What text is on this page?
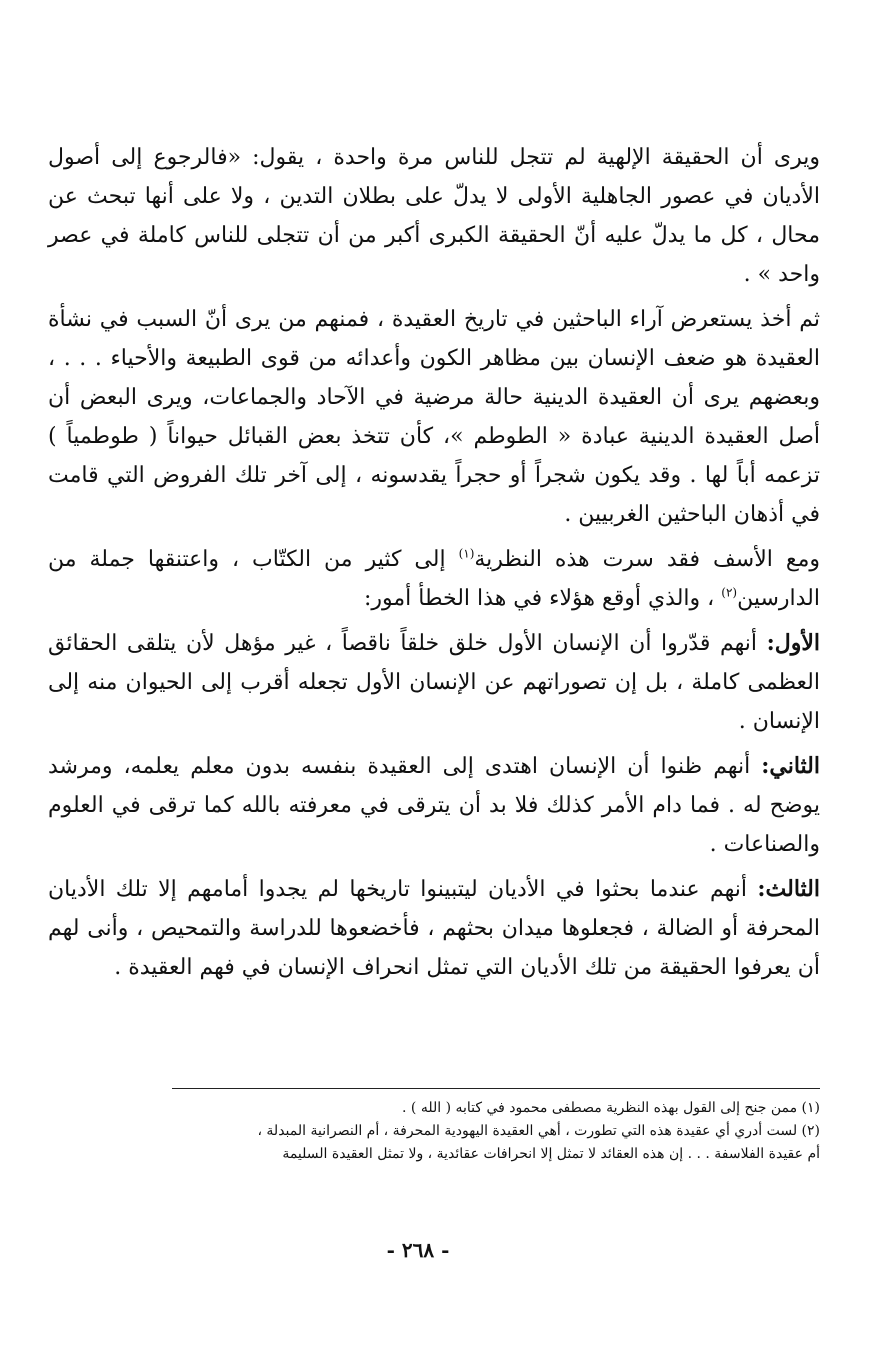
ويرى أن الحقيقة الإلهية لم تتجل للناس مرة واحدة ، يقول: «فالرجوع إلى أصول الأديان في عصور الجاهلية الأولى لا يدلّ على بطلان التدين ، ولا على أنها تبحث عن محال ، كل ما يدلّ عليه أنّ الحقيقة الكبرى أكبر من أن تتجلى للناس كاملة في عصر واحد » .

ثم أخذ يستعرض آراء الباحثين في تاريخ العقيدة ، فمنهم من يرى أنّ السبب في نشأة العقيدة هو ضعف الإنسان بين مظاهر الكون وأعدائه من قوى الطبيعة والأحياء . . . ، وبعضهم يرى أن العقيدة الدينية حالة مرضية في الآحاد والجماعات، ويرى البعض أن أصل العقيدة الدينية عبادة « الطوطم »، كأن تتخذ بعض القبائل حيواناً ( طوطمياً ) تزعمه أباً لها . وقد يكون شجراً أو حجراً يقدسونه ، إلى آخر تلك الفروض التي قامت في أذهان الباحثين الغربيين .

ومع الأسف فقد سرت هذه النظرية$^{(١)}$ إلى كثير من الكتّاب ، واعتنقها جملة من الدارسين$^{(٢)}$ ، والذي أوقع هؤلاء في هذا الخطأ أمور:

الأول: أنهم قدّروا أن الإنسان الأول خلق خلقاً ناقصاً ، غير مؤهل لأن يتلقى الحقائق العظمى كاملة ، بل إن تصوراتهم عن الإنسان الأول تجعله أقرب إلى الحيوان منه إلى الإنسان .

الثاني: أنهم ظنوا أن الإنسان اهتدى إلى العقيدة بنفسه بدون معلم يعلمه، ومرشد يوضح له . فما دام الأمر كذلك فلا بد أن يترقى في معرفته بالله كما ترقى في العلوم والصناعات .

الثالث: أنهم عندما بحثوا في الأديان ليتبينوا تاريخها لم يجدوا أمامهم إلا تلك الأديان المحرفة أو الضالة ، فجعلوها ميدان بحثهم ، فأخضعوها للدراسة والتمحيص ، وأنى لهم أن يعرفوا الحقيقة من تلك الأديان التي تمثل انحراف الإنسان في فهم العقيدة .

(١) ممن جنح إلى القول بهذه النظرية مصطفى محمود في كتابه ( الله ) .

(٢) لست أدري أي عقيدة هذه التي تطورت ، أهي العقيدة اليهودية المحرفة ، أم النصرانية المبدلة ،

أم عقيدة الفلاسفة . . . إن هذه العقائد لا تمثل إلا انحرافات عقائدية ، ولا تمثل العقيدة السليمة

- ٢٦٨ -
